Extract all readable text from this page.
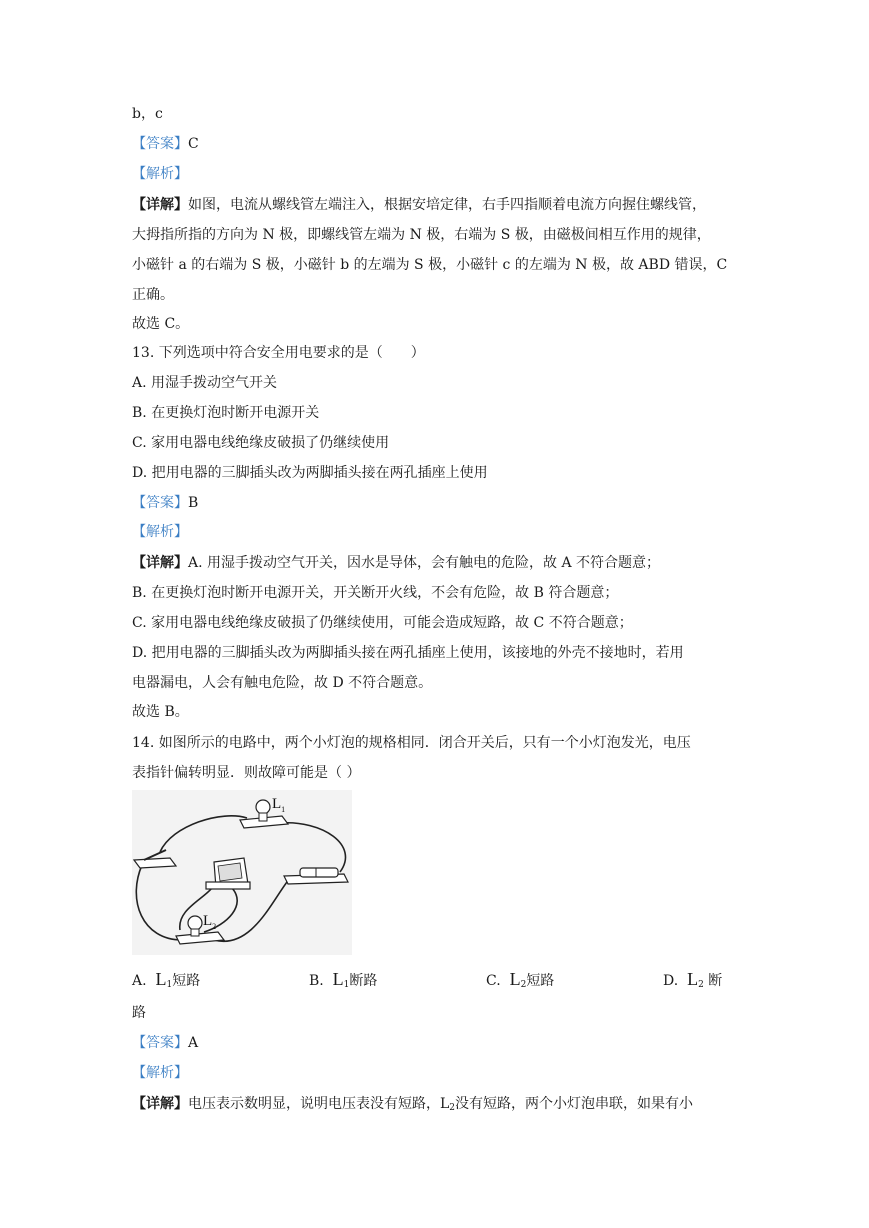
b，c
【答案】C
【解析】
【详解】如图，电流从螺线管左端注入，根据安培定律，右手四指顺着电流方向握住螺线管，
大拇指所指的方向为 N 极，即螺线管左端为 N 极，右端为 S 极，由磁极间相互作用的规律，
小磁针 a 的右端为 S 极，小磁针 b 的左端为 S 极，小磁针 c 的左端为 N 极，故 ABD 错误，C
正确。
故选 C。
13. 下列选项中符合安全用电要求的是（　　）
A. 用湿手拨动空气开关
B. 在更换灯泡时断开电源开关
C. 家用电器电线绝缘皮破损了仍继续使用
D. 把用电器的三脚插头改为两脚插头接在两孔插座上使用
【答案】B
【解析】
【详解】A. 用湿手拨动空气开关，因水是导体，会有触电的危险，故 A 不符合题意；
B. 在更换灯泡时断开电源开关，开关断开火线，不会有危险，故 B 符合题意；
C. 家用电器电线绝缘皮破损了仍继续使用，可能会造成短路，故 C 不符合题意；
D. 把用电器的三脚插头改为两脚插头接在两孔插座上使用，该接地的外壳不接地时，若用
电器漏电，人会有触电危险，故 D 不符合题意。
故选 B。
14. 如图所示的电路中，两个小灯泡的规格相同．闭合开关后，只有一个小灯泡发光，电压
表指针偏转明显．则故障可能是（ ）
$L_1$
$L_2$
A. $L_1$短路	B. $L_1$断路	C. $L_2$短路	D. $L_2$ 断
路
【答案】A
【解析】
【详解】电压表示数明显，说明电压表没有短路，$L_2$没有短路，两个小灯泡串联，如果有小
